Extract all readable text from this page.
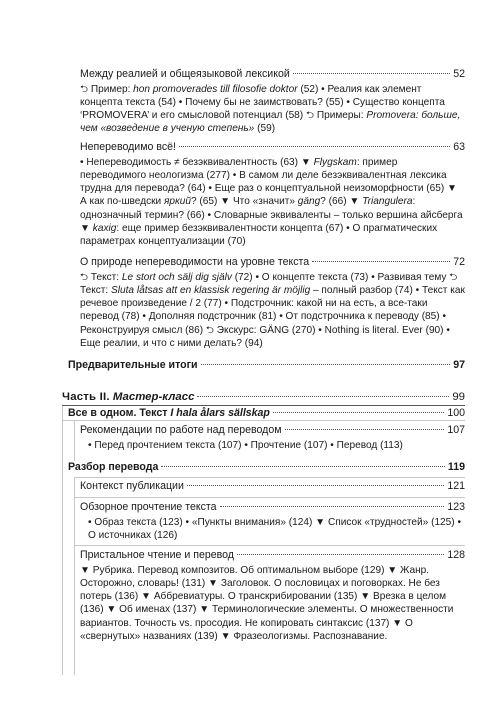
Между реалией и общеязыковой лексикой	52
⮌ Пример: hon promoverades till filosofie doktor (52) • Реалия как элемент концепта текста (54) • Почему бы не заимствовать? (55) • Существо концепта ‘PROMOVERA’ и его смысловой потенциал (58) ⮌ Примеры: Promovera: больше, чем «возведение в ученую степень» (59)
Непереводимо всё!	63
• Непереводимость ≠ безэквивалентность (63) ▼ Flygskam: пример переводимого неологизма (277) • В самом ли деле безэквивалентная лексика трудна для перевода? (64) • Еще раз о концептуальной неизоморфности (65) ▼ А как по-шведски яркий? (65) ▼ Что «значит» gäng? (66) ▼ Triangulera: однозначный термин? (66) • Словарные эквиваленты – только вершина айсберга ▼ kaxig: еще пример безэквивалентности концепта (67) • О прагматических параметрах концептуализации (70)
О природе непереводимости на уровне текста	72
⮌ Текст: Le stort och sälj dig själv (72) • О концепте текста (73) • Развивая тему ⮌ Текст: Sluta låtsas att en klassisk regering är möjlig – полный разбор (74) • Текст как речевое произведение / 2 (77) • Подстрочник: какой ни на есть, а все-таки перевод (78) • Дополняя подстрочник (81) • От подстрочника к переводу (85) • Реконструируя смысл (86) ⮌ Экскурс: GÄNG (270) • Nothing is literal. Ever (90) • Еще реалии, и что с ними делать? (94)
Предварительные итоги	97
Часть II. Мастер-класс	99
Все в одном. Текст I hala ålars sällskap	100
Рекомендации по работе над переводом	107
• Перед прочтением текста (107) • Прочтение (107) • Перевод (113)
Разбор перевода	119
Контекст публикации	121
Обзорное прочтение текста	123
• Образ текста (123) • «Пункты внимания» (124) ▼ Список «трудностей» (125) • О источниках (126)
Пристальное чтение и перевод	128
▼ Рубрика. Перевод композитов. Об оптимальном выборе (129) ▼ Жанр. Осторожно, словарь! (131) ▼ Заголовок. О пословицах и поговорках. Не без потерь (136) ▼ Аббревиатуры. О транскрибировании (135) ▼ Врезка в целом (136) ▼ Об именах (137) ▼ Терминологические элементы. О множественности вариантов. Точность vs. просодия. Не копировать синтаксис (137) ▼ О «свернутых» названиях (139) ▼ Фразеологизмы. Распознавание.
